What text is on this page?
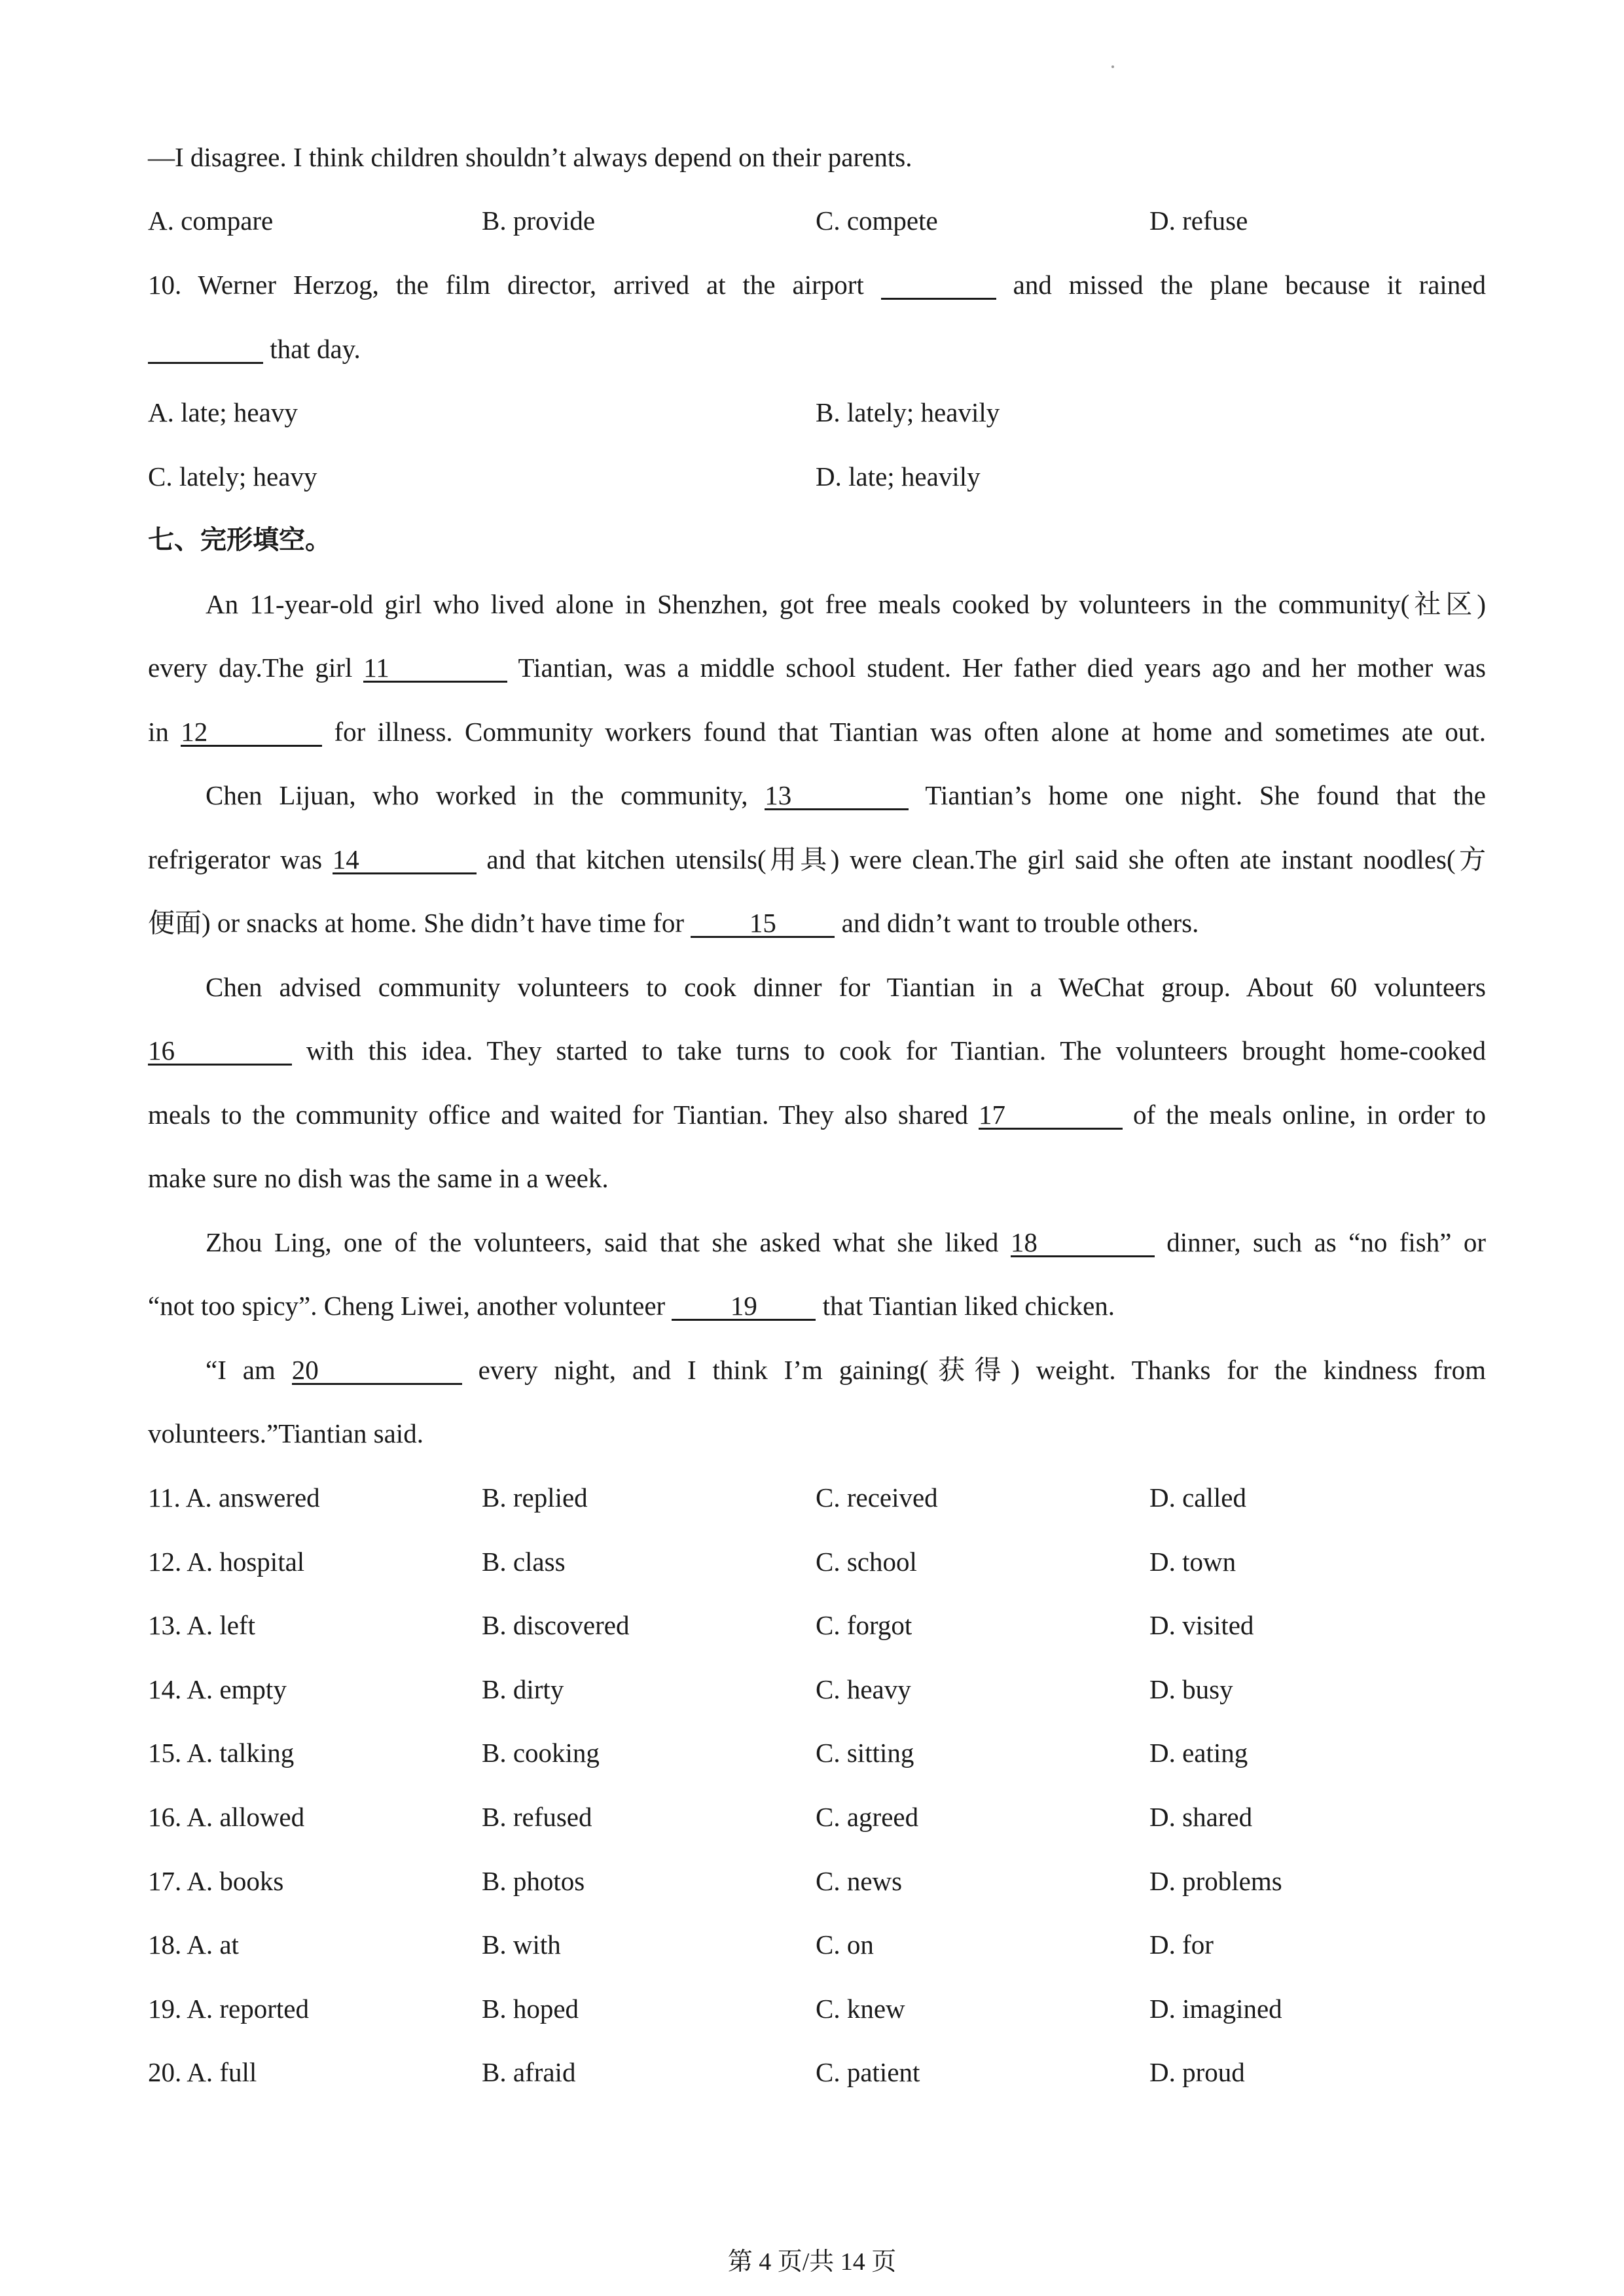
—I disagree. I think children shouldn’t always depend on their parents.
A. compare	B. provide	C. compete	D. refuse
10. Werner Herzog, the film director, arrived at the airport	and missed the plane because it rained
that day.
A. late; heavy	B. lately; heavily
C. lately; heavy	D. late; heavily
七、完形填空。
An 11-year-old girl who lived alone in Shenzhen, got free meals cooked by volunteers in the community(社区)
every day.The girl 11	Tiantian, was a middle school student. Her father died years ago and her mother was
in 12	for illness. Community workers found that Tiantian was often alone at home and sometimes ate out.
Chen Lijuan, who worked in the community, 13	Tiantian’s home one night. She found that the
refrigerator was 14	and that kitchen utensils(用具) were clean.The girl said she often ate instant noodles(方
便面) or snacks at home. She didn’t have time for 15 and didn’t want to trouble others.
Chen advised community volunteers to cook dinner for Tiantian in a WeChat group. About 60 volunteers
16	with this idea. They started to take turns to cook for Tiantian. The volunteers brought home-cooked
meals to the community office and waited for Tiantian. They also shared 17	of the meals online, in order to
make sure no dish was the same in a week.
Zhou Ling, one of the volunteers, said that she asked what she liked 18	dinner, such as “no fish” or
“not too spicy”. Cheng Liwei, another volunteer 19 that Tiantian liked chicken.
“I am 20	every night, and I think I’m gaining(获得) weight. Thanks for the kindness from
volunteers.”Tiantian said.
11. A. answered	B. replied	C. received	D. called
12. A. hospital	B. class	C. school	D. town
13. A. left	B. discovered	C. forgot	D. visited
14. A. empty	B. dirty	C. heavy	D. busy
15. A. talking	B. cooking	C. sitting	D. eating
16. A. allowed	B. refused	C. agreed	D. shared
17. A. books	B. photos	C. news	D. problems
18. A. at	B. with	C. on	D. for
19. A. reported	B. hoped	C. knew	D. imagined
20. A. full	B. afraid	C. patient	D. proud
第 4 页/共 14 页
